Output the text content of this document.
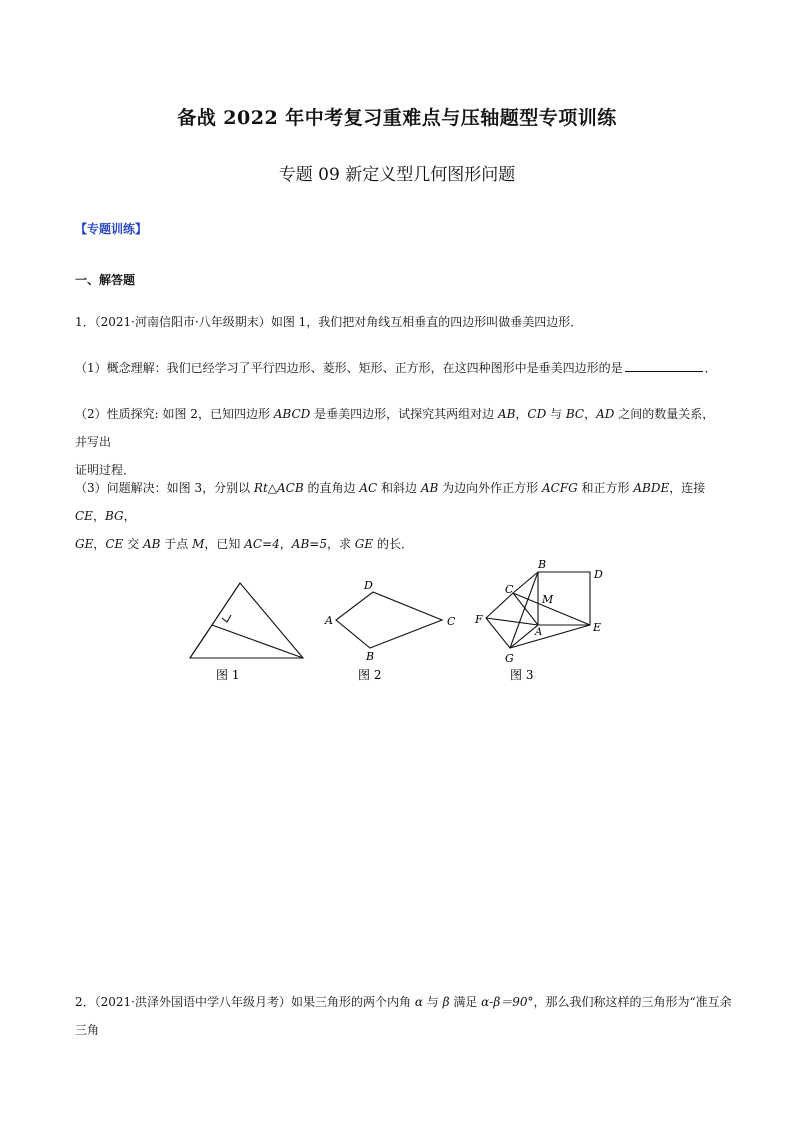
备战 2022 年中考复习重难点与压轴题型专项训练
专题 09 新定义型几何图形问题
【专题训练】
一、解答题
1．（2021·河南信阳市·八年级期末）如图 1，我们把对角线互相垂直的四边形叫做垂美四边形．
（1）概念理解：我们已经学习了平行四边形、菱形、矩形、正方形，在这四种图形中是垂美四边形的是	．
（2）性质探究: 如图 2，已知四边形 ABCD 是垂美四边形，试探究其两组对边 AB，CD 与 BC，AD 之间的数量关系，并写出
证明过程．
（3）问题解决：如图 3，分别以 Rt△ACB 的直角边 AC 和斜边 AB 为边向外作正方形 ACFG 和正方形 ABDE，连接 CE，BG，
GE，CE 交 AB 于点 M，已知 AC=4，AB=5，求 GE 的长．
图 1
D
A	C
B
图 2
B
D
C
M
F
A	E
G
图 3
2．（2021·洪泽外国语中学八年级月考）如果三角形的两个内角 α 与 β 满足 α-β＝90°，那么我们称这样的三角形为“准互余三角
